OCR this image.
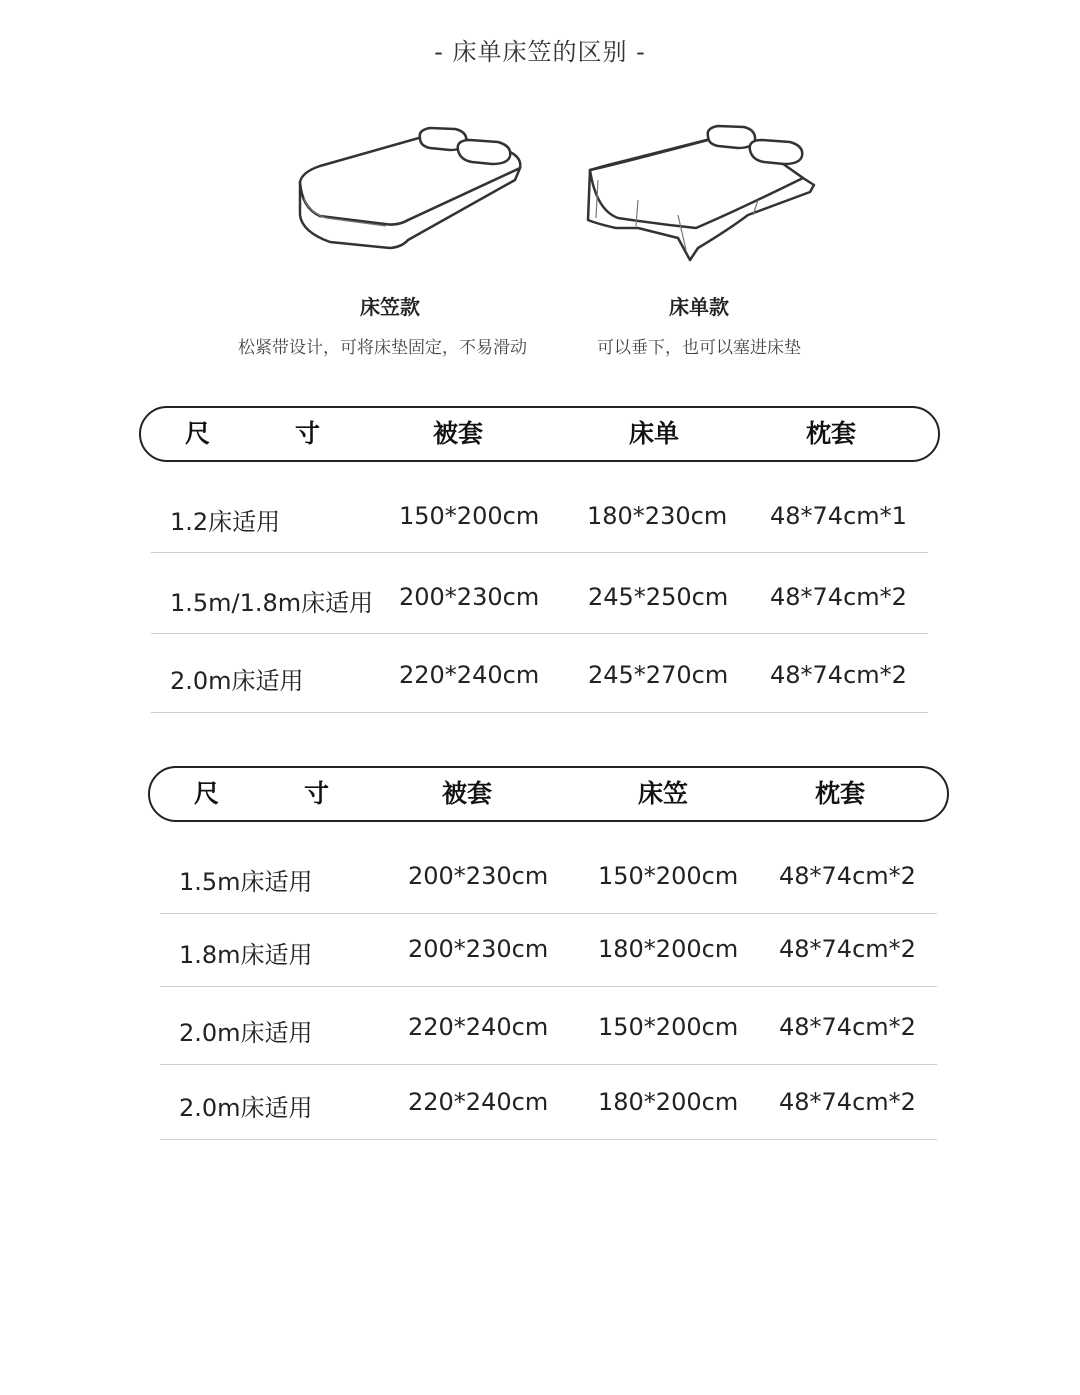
- 床单床笠的区别 -
床笠款	床单款
松紧带设计，可将床垫固定，不易滑动	可以垂下，也可以塞进床垫
尺　寸	被套	床单	枕套
1.2床适用	150*200cm 180*230cm 48*74cm*1
1.5m/1.8m床适用 200*230cm 245*250cm 48*74cm*2
2.0m床适用	220*240cm 245*270cm 48*74cm*2
尺　寸	被套	床笠	枕套
1.5m床适用	200*230cm 150*200cm 48*74cm*2
1.8m床适用	200*230cm 180*200cm 48*74cm*2
2.0m床适用	220*240cm 150*200cm 48*74cm*2
2.0m床适用	220*240cm 180*200cm 48*74cm*2
